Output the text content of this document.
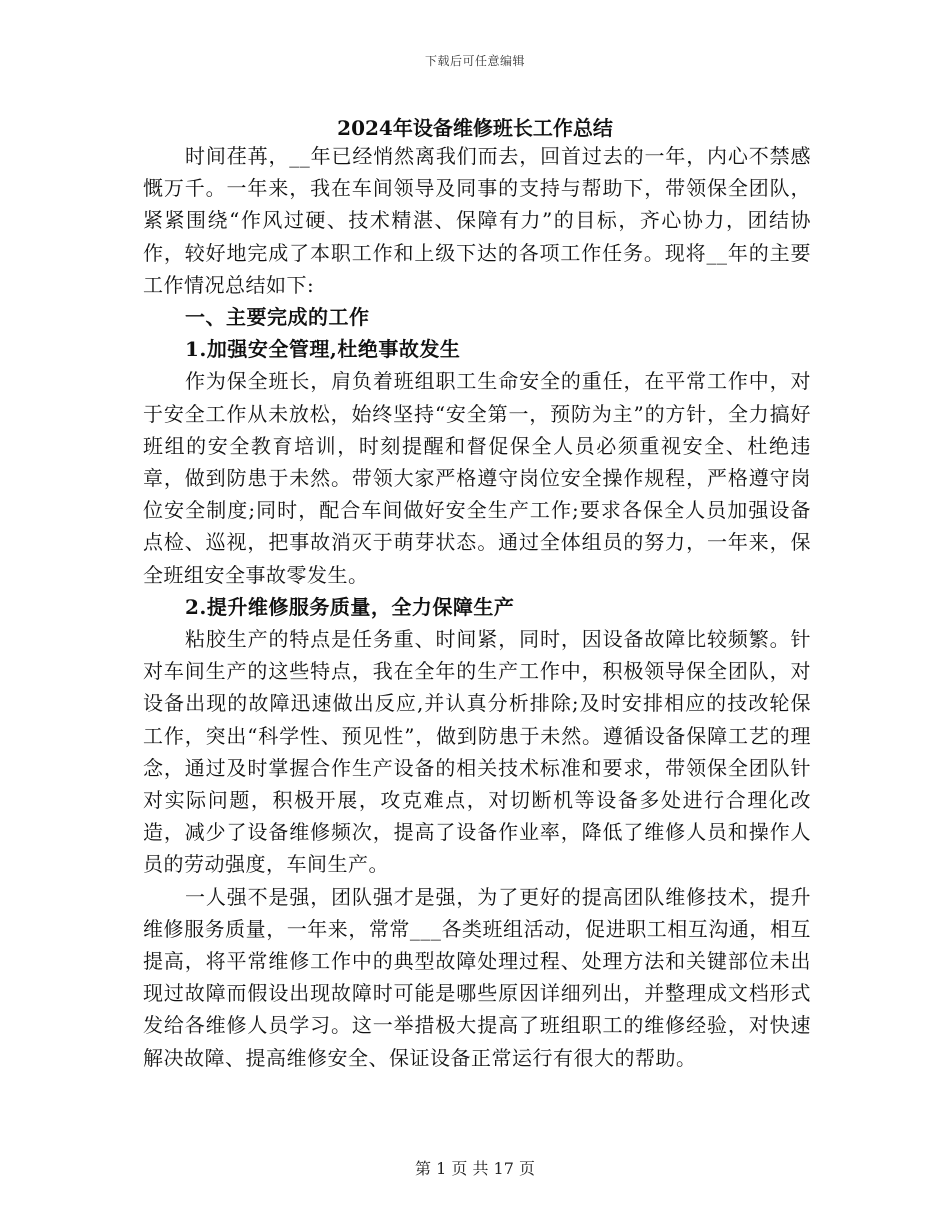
下载后可任意编辑
2024年设备维修班长工作总结

时间荏苒，__年已经悄然离我们而去，回首过去的一年，内心不禁感慨万千。一年来，我在车间领导及同事的支持与帮助下，带领保全团队，紧紧围绕“作风过硬、技术精湛、保障有力”的目标，齐心协力，团结协作，较好地完成了本职工作和上级下达的各项工作任务。现将__年的主要工作情况总结如下:

一、主要完成的工作

1.加强安全管理,杜绝事故发生

作为保全班长，肩负着班组职工生命安全的重任，在平常工作中，对于安全工作从未放松，始终坚持“安全第一，预防为主”的方针，全力搞好班组的安全教育培训，时刻提醒和督促保全人员必须重视安全、杜绝违章，做到防患于未然。带领大家严格遵守岗位安全操作规程，严格遵守岗位安全制度;同时，配合车间做好安全生产工作;要求各保全人员加强设备点检、巡视，把事故消灭于萌芽状态。通过全体组员的努力，一年来，保全班组安全事故零发生。

2.提升维修服务质量，全力保障生产

粘胶生产的特点是任务重、时间紧，同时，因设备故障比较频繁。针对车间生产的这些特点，我在全年的生产工作中，积极领导保全团队，对设备出现的故障迅速做出反应,并认真分析排除;及时安排相应的技改轮保工作，突出“科学性、预见性”，做到防患于未然。遵循设备保障工艺的理念，通过及时掌握合作生产设备的相关技术标准和要求，带领保全团队针对实际问题，积极开展，攻克难点，对切断机等设备多处进行合理化改造，减少了设备维修频次，提高了设备作业率，降低了维修人员和操作人员的劳动强度，车间生产。

一人强不是强，团队强才是强，为了更好的提高团队维修技术，提升维修服务质量，一年来，常常___各类班组活动，促进职工相互沟通，相互提高，将平常维修工作中的典型故障处理过程、处理方法和关键部位未出现过故障而假设出现故障时可能是哪些原因详细列出，并整理成文档形式发给各维修人员学习。这一举措极大提高了班组职工的维修经验，对快速解决故障、提高维修安全、保证设备正常运行有很大的帮助。

第 1 页 共 17 页
